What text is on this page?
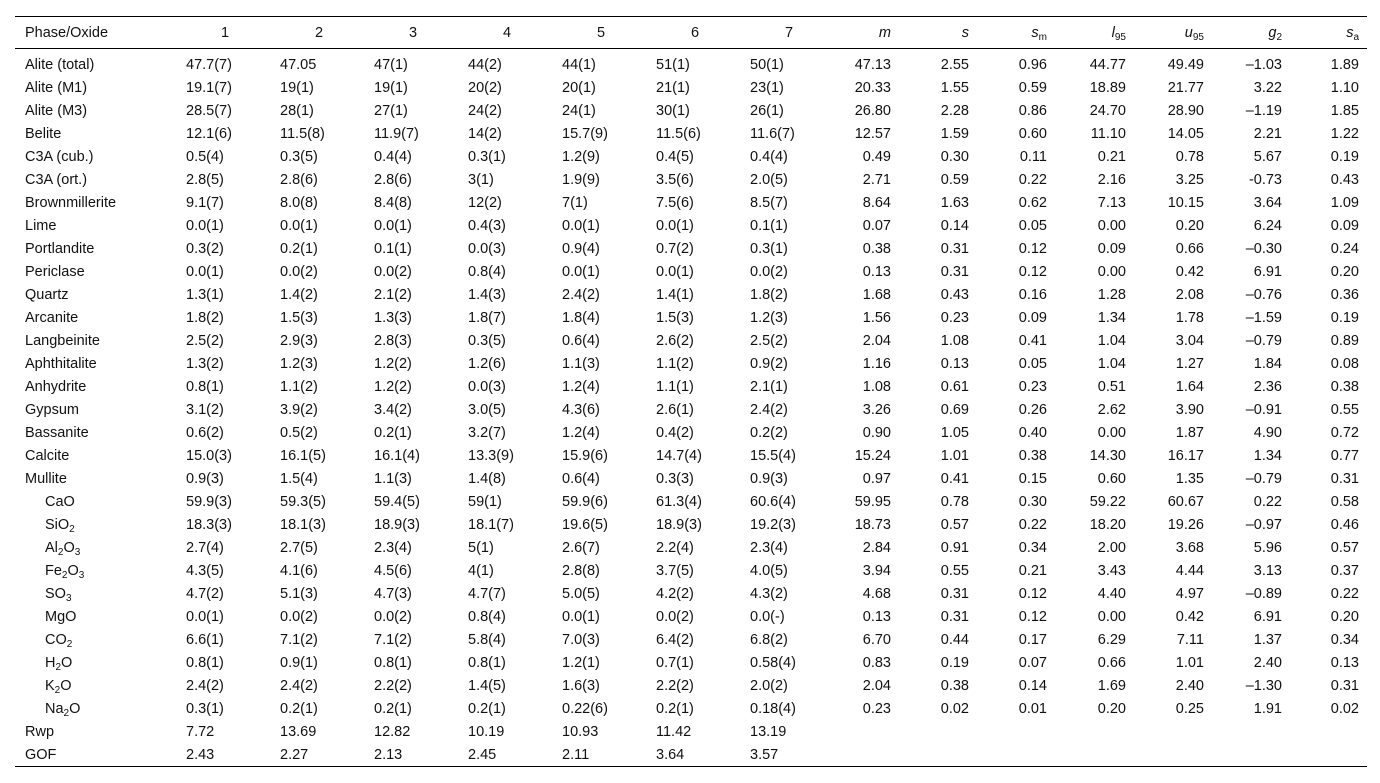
Phase/Oxide	1	2	3	4	5	6	7	m	s	$s_m$	$l_{95}$	$u_{95}$	$g_2$	$s_a$
Alite (total)	47.7(7)	47.05	47(1)	44(2)	44(1)	51(1)	50(1)	47.13	2.55	0.96	44.77	49.49	–1.03	1.89
Alite (M1)	19.1(7)	19(1)	19(1)	20(2)	20(1)	21(1)	23(1)	20.33	1.55	0.59	18.89	21.77	3.22	1.10
Alite (M3)	28.5(7)	28(1)	27(1)	24(2)	24(1)	30(1)	26(1)	26.80	2.28	0.86	24.70	28.90	–1.19	1.85
Belite	12.1(6)	11.5(8)	11.9(7)	14(2)	15.7(9)	11.5(6)	11.6(7)	12.57	1.59	0.60	11.10	14.05	2.21	1.22
C3A (cub.)	0.5(4)	0.3(5)	0.4(4)	0.3(1)	1.2(9)	0.4(5)	0.4(4)	0.49	0.30	0.11	0.21	0.78	5.67	0.19
C3A (ort.)	2.8(5)	2.8(6)	2.8(6)	3(1)	1.9(9)	3.5(6)	2.0(5)	2.71	0.59	0.22	2.16	3.25	-0.73	0.43
Brownmillerite	9.1(7)	8.0(8)	8.4(8)	12(2)	7(1)	7.5(6)	8.5(7)	8.64	1.63	0.62	7.13	10.15	3.64	1.09
Lime	0.0(1)	0.0(1)	0.0(1)	0.4(3)	0.0(1)	0.0(1)	0.1(1)	0.07	0.14	0.05	0.00	0.20	6.24	0.09
Portlandite	0.3(2)	0.2(1)	0.1(1)	0.0(3)	0.9(4)	0.7(2)	0.3(1)	0.38	0.31	0.12	0.09	0.66	–0.30	0.24
Periclase	0.0(1)	0.0(2)	0.0(2)	0.8(4)	0.0(1)	0.0(1)	0.0(2)	0.13	0.31	0.12	0.00	0.42	6.91	0.20
Quartz	1.3(1)	1.4(2)	2.1(2)	1.4(3)	2.4(2)	1.4(1)	1.8(2)	1.68	0.43	0.16	1.28	2.08	–0.76	0.36
Arcanite	1.8(2)	1.5(3)	1.3(3)	1.8(7)	1.8(4)	1.5(3)	1.2(3)	1.56	0.23	0.09	1.34	1.78	–1.59	0.19
Langbeinite	2.5(2)	2.9(3)	2.8(3)	0.3(5)	0.6(4)	2.6(2)	2.5(2)	2.04	1.08	0.41	1.04	3.04	–0.79	0.89
Aphthitalite	1.3(2)	1.2(3)	1.2(2)	1.2(6)	1.1(3)	1.1(2)	0.9(2)	1.16	0.13	0.05	1.04	1.27	1.84	0.08
Anhydrite	0.8(1)	1.1(2)	1.2(2)	0.0(3)	1.2(4)	1.1(1)	2.1(1)	1.08	0.61	0.23	0.51	1.64	2.36	0.38
Gypsum	3.1(2)	3.9(2)	3.4(2)	3.0(5)	4.3(6)	2.6(1)	2.4(2)	3.26	0.69	0.26	2.62	3.90	–0.91	0.55
Bassanite	0.6(2)	0.5(2)	0.2(1)	3.2(7)	1.2(4)	0.4(2)	0.2(2)	0.90	1.05	0.40	0.00	1.87	4.90	0.72
Calcite	15.0(3)	16.1(5)	16.1(4)	13.3(9)	15.9(6)	14.7(4)	15.5(4)	15.24	1.01	0.38	14.30	16.17	1.34	0.77
Mullite	0.9(3)	1.5(4)	1.1(3)	1.4(8)	0.6(4)	0.3(3)	0.9(3)	0.97	0.41	0.15	0.60	1.35	–0.79	0.31
CaO	59.9(3)	59.3(5)	59.4(5)	59(1)	59.9(6)	61.3(4)	60.6(4)	59.95	0.78	0.30	59.22	60.67	0.22	0.58
SiO$_2$	18.3(3)	18.1(3)	18.9(3)	18.1(7)	19.6(5)	18.9(3)	19.2(3)	18.73	0.57	0.22	18.20	19.26	–0.97	0.46
$Al_2O_3$	2.7(4)	2.7(5)	2.3(4)	5(1)	2.6(7)	2.2(4)	2.3(4)	2.84	0.91	0.34	2.00	3.68	5.96	0.57
$Fe_2O_3$	4.3(5)	4.1(6)	4.5(6)	4(1)	2.8(8)	3.7(5)	4.0(5)	3.94	0.55	0.21	3.43	4.44	3.13	0.37
$SO_3$	4.7(2)	5.1(3)	4.7(3)	4.7(7)	5.0(5)	4.2(2)	4.3(2)	4.68	0.31	0.12	4.40	4.97	–0.89	0.22
MgO	0.0(1)	0.0(2)	0.0(2)	0.8(4)	0.0(1)	0.0(2)	0.0(-)	0.13	0.31	0.12	0.00	0.42	6.91	0.20
$CO_2$	6.6(1)	7.1(2)	7.1(2)	5.8(4)	7.0(3)	6.4(2)	6.8(2)	6.70	0.44	0.17	6.29	7.11	1.37	0.34
$H_2O$	0.8(1)	0.9(1)	0.8(1)	0.8(1)	1.2(1)	0.7(1)	0.58(4)	0.83	0.19	0.07	0.66	1.01	2.40	0.13
$K_2O$	2.4(2)	2.4(2)	2.2(2)	1.4(5)	1.6(3)	2.2(2)	2.0(2)	2.04	0.38	0.14	1.69	2.40	–1.30	0.31
$Na_2O$	0.3(1)	0.2(1)	0.2(1)	0.2(1)	0.22(6)	0.2(1)	0.18(4)	0.23	0.02	0.01	0.20	0.25	1.91	0.02
Rwp	7.72	13.69	12.82	10.19	10.93	11.42	13.19							
GOF	2.43	2.27	2.13	2.45	2.11	3.64	3.57							
